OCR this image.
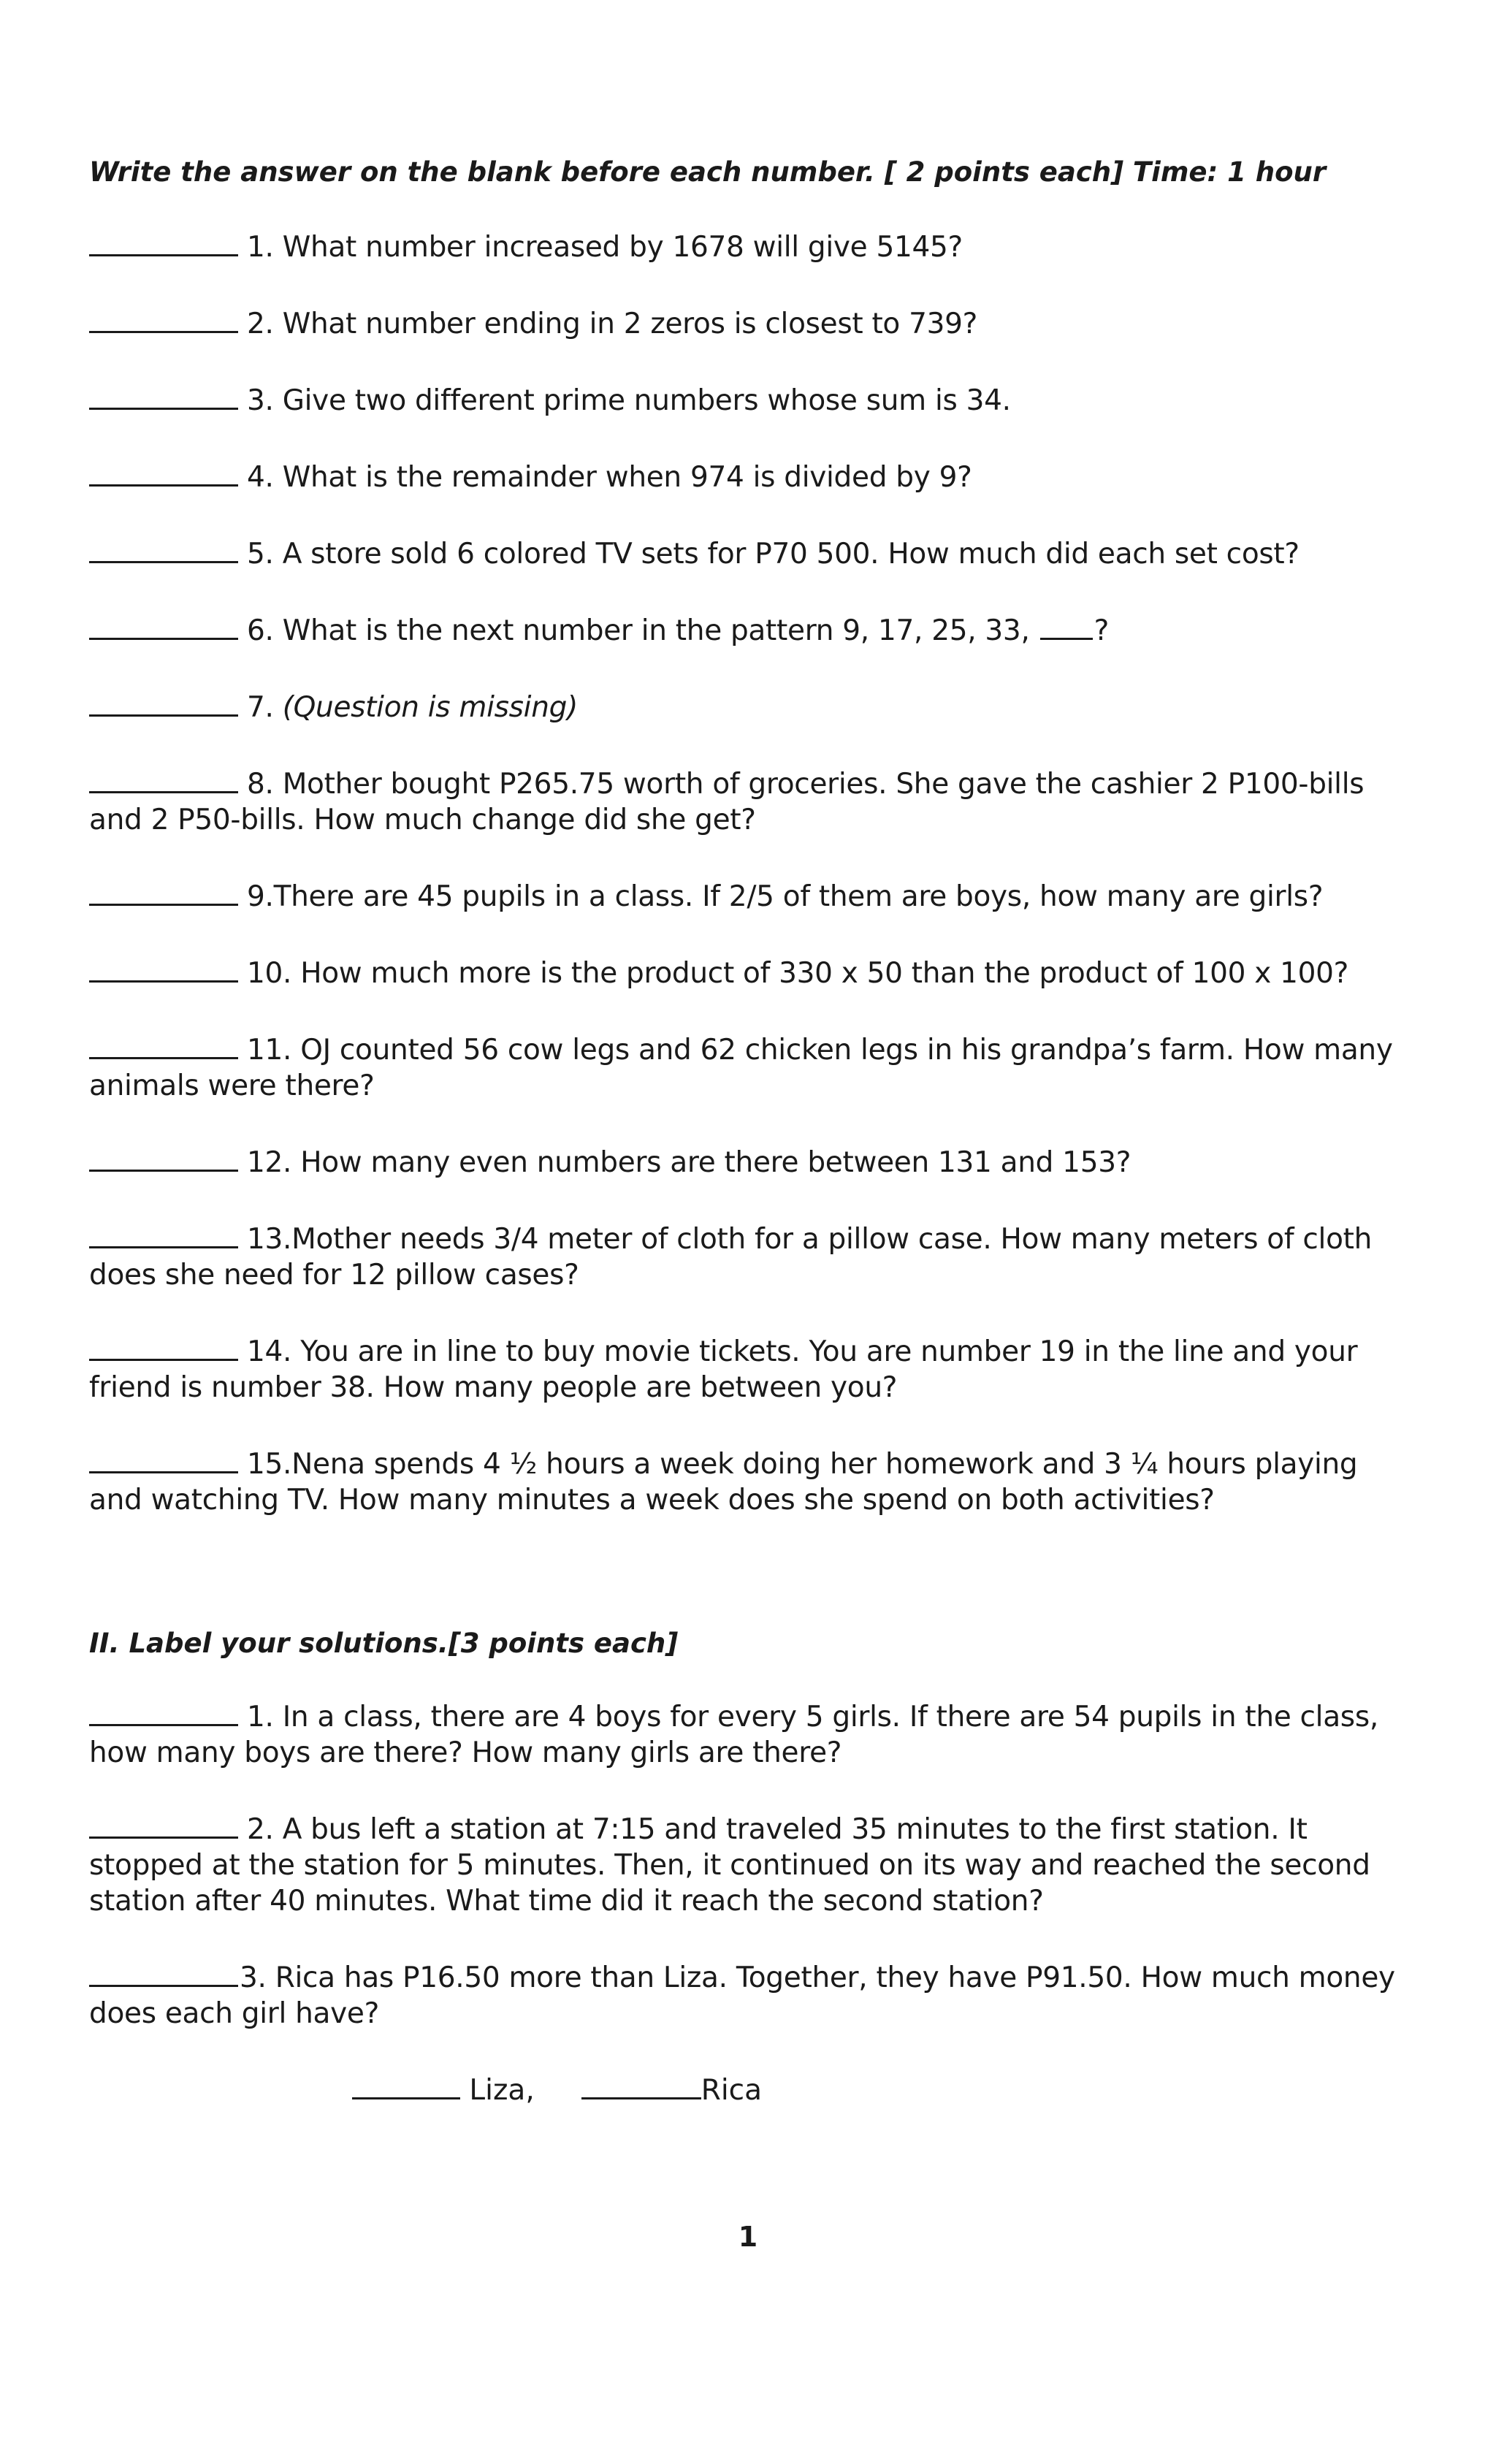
Write the answer on the blank before each number. [ 2 points each] Time: 1 hour

1. What number increased by 1678 will give 5145?

2. What number ending in 2 zeros is closest to 739?

3. Give two different prime numbers whose sum is 34.

4. What is the remainder when 974 is divided by 9?

5. A store sold 6 colored TV sets for P70 500. How much did each set cost?

6. What is the next number in the pattern 9, 17, 25, 33, ?

7. (Question is missing)

8. Mother bought P265.75 worth of groceries. She gave the cashier 2 P100-bills and 2 P50-bills. How much change did she get?

9.There are 45 pupils in a class. If 2/5 of them are boys, how many are girls?

10. How much more is the product of 330 x 50 than the product of 100 x 100?

11. OJ counted 56 cow legs and 62 chicken legs in his grandpa’s farm. How many animals were there?

12. How many even numbers are there between 131 and 153?

13.Mother needs 3/4 meter of cloth for a pillow case. How many meters of cloth does she need for 12 pillow cases?

14. You are in line to buy movie tickets. You are number 19 in the line and your friend is number 38. How many people are between you?

15.Nena spends 4 ½ hours a week doing her homework and 3 ¼ hours playing and watching TV. How many minutes a week does she spend on both activities?

II. Label your solutions.[3 points each]

1. In a class, there are 4 boys for every 5 girls. If there are 54 pupils in the class, how many boys are there? How many girls are there?

2. A bus left a station at 7:15 and traveled 35 minutes to the first station. It stopped at the station for 5 minutes. Then, it continued on its way and reached the second station after 40 minutes. What time did it reach the second station?

3. Rica has P16.50 more than Liza. Together, they have P91.50. How much money does each girl have?

Liza,	Rica

1
